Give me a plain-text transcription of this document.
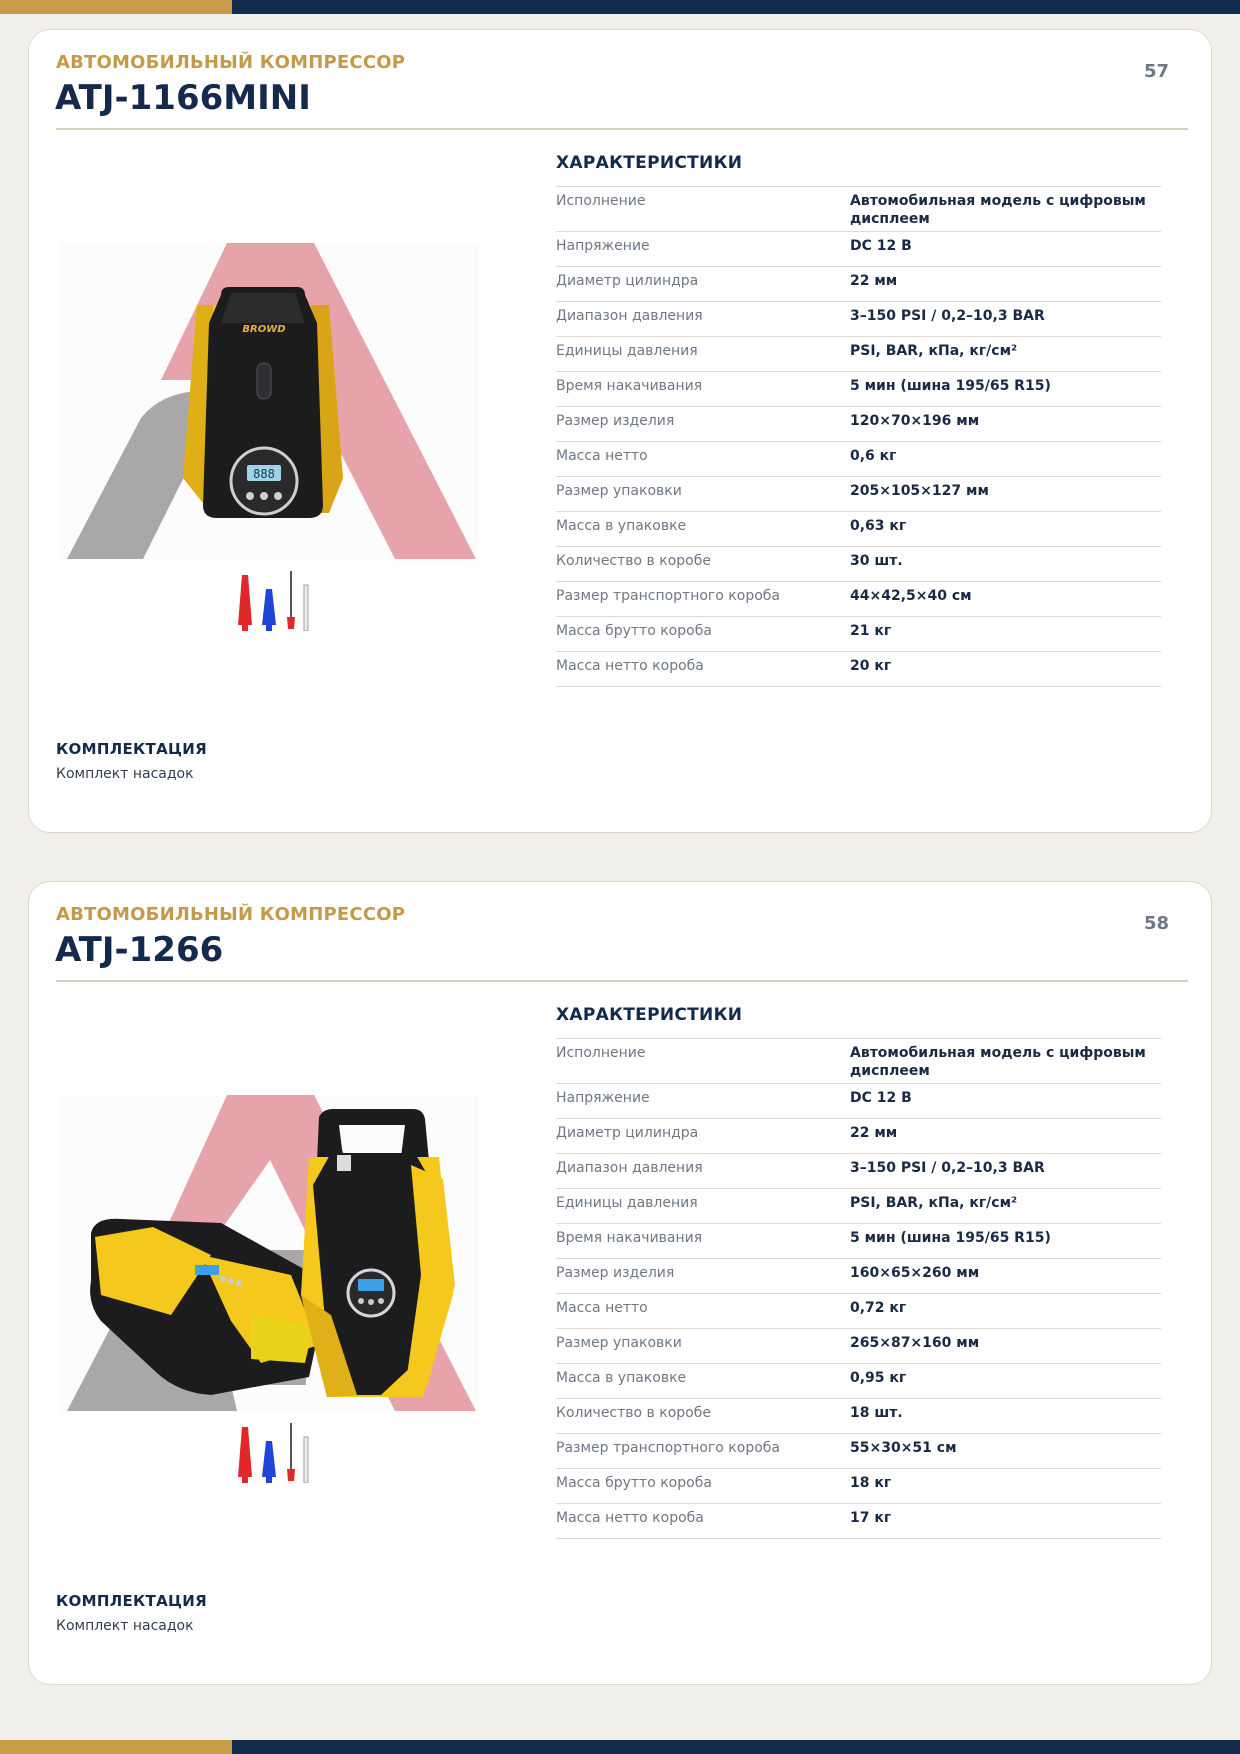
АВТОМОБИЛЬНЫЙ КОМПРЕССОР
ATJ-1166MINI
57
BROWD
888
ХАРАКТЕРИСТИКИ
Исполнение	Автомобильная модель с цифровым дисплеем
Напряжение	DC 12 В
Диаметр цилиндра	22 мм
Диапазон давления	3–150 PSI / 0,2–10,3 BAR
Единицы давления	PSI, BAR, кПа, кг/см²
Время накачивания	5 мин (шина 195/65 R15)
Размер изделия	120×70×196 мм
Масса нетто	0,6 кг
Размер упаковки	205×105×127 мм
Масса в упаковке	0,63 кг
Количество в коробе	30 шт.
Размер транспортного короба	44×42,5×40 см
Масса брутто короба	21 кг
Масса нетто короба	20 кг
КОМПЛЕКТАЦИЯ
Комплект насадок
АВТОМОБИЛЬНЫЙ КОМПРЕССОР
ATJ-1266
58
ХАРАКТЕРИСТИКИ
Исполнение	Автомобильная модель с цифровым дисплеем
Напряжение	DC 12 В
Диаметр цилиндра	22 мм
Диапазон давления	3–150 PSI / 0,2–10,3 BAR
Единицы давления	PSI, BAR, кПа, кг/см²
Время накачивания	5 мин (шина 195/65 R15)
Размер изделия	160×65×260 мм
Масса нетто	0,72 кг
Размер упаковки	265×87×160 мм
Масса в упаковке	0,95 кг
Количество в коробе	18 шт.
Размер транспортного короба	55×30×51 см
Масса брутто короба	18 кг
Масса нетто короба	17 кг
КОМПЛЕКТАЦИЯ
Комплект насадок
